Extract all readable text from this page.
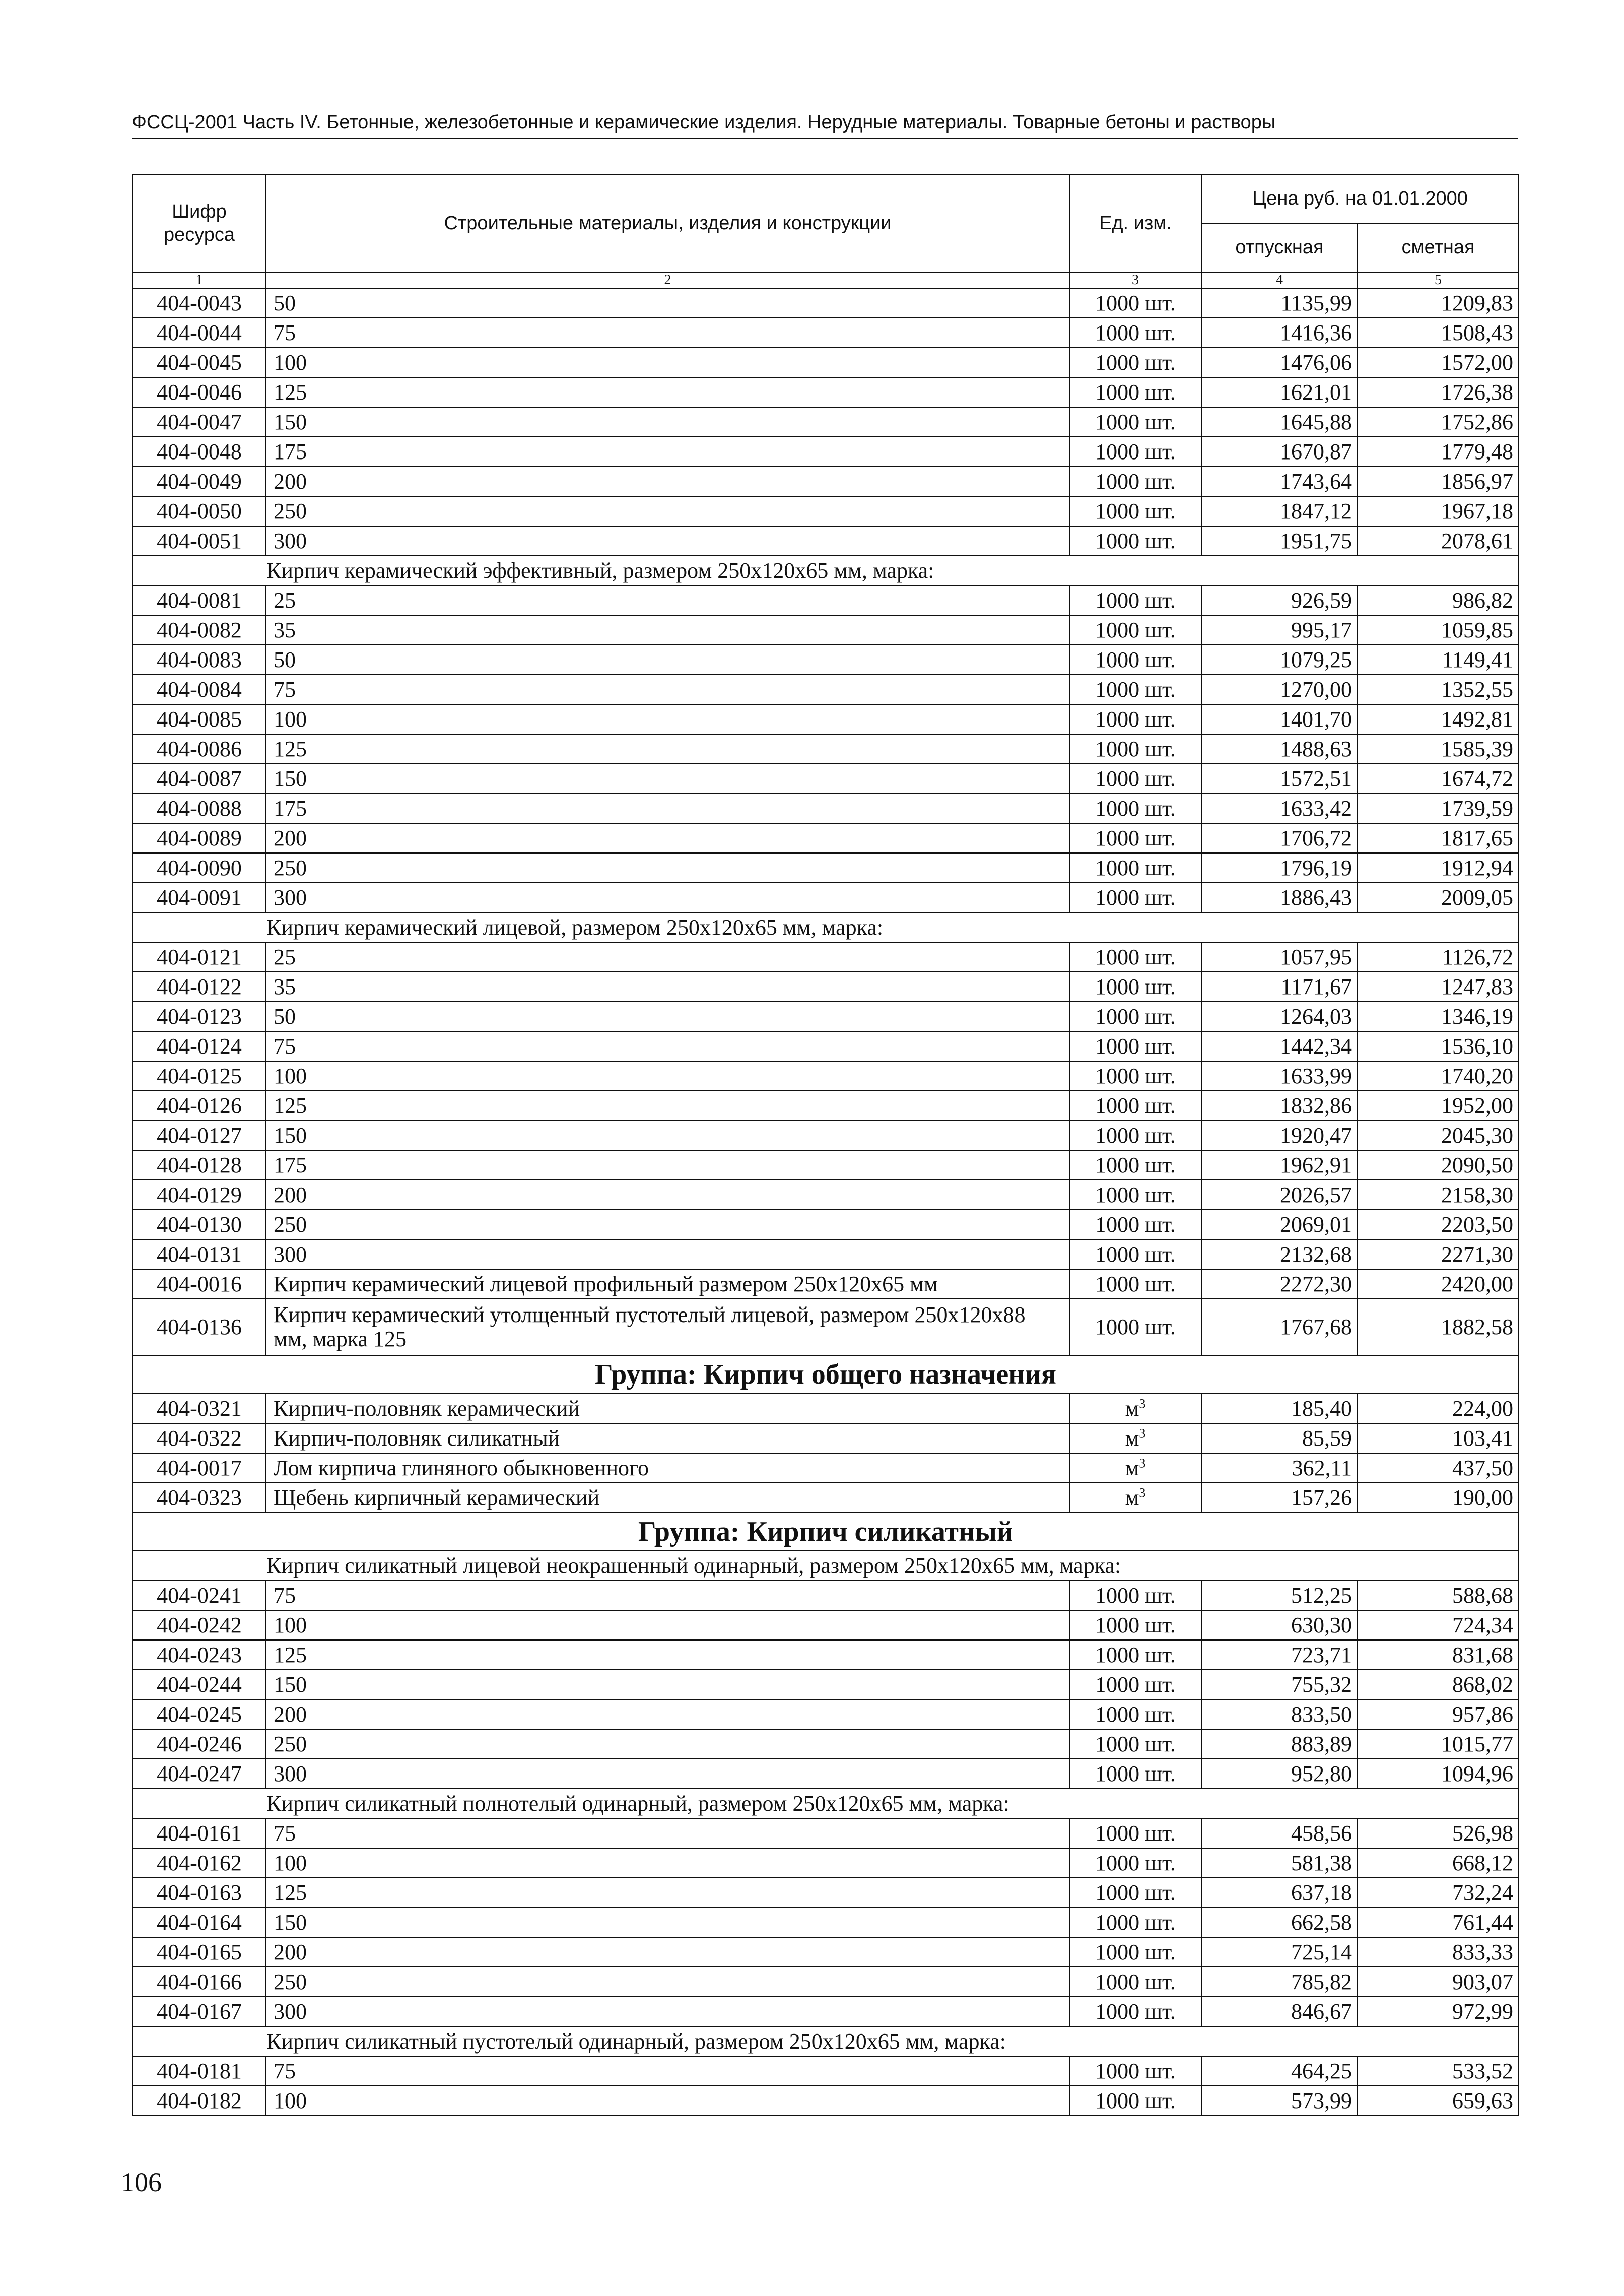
ФССЦ-2001 Часть IV. Бетонные, железобетонные и керамические изделия. Нерудные материалы. Товарные бетоны и растворы
Шифр ресурса	Строительные материалы, изделия и конструкции	Ед. изм.	Цена руб. на 01.01.2000	
			отпускная	сметная
1	2	3	4	5
404-0043	50	1000 шт.	1135,99	1209,83
404-0044	75	1000 шт.	1416,36	1508,43
404-0045	100	1000 шт.	1476,06	1572,00
404-0046	125	1000 шт.	1621,01	1726,38
404-0047	150	1000 шт.	1645,88	1752,86
404-0048	175	1000 шт.	1670,87	1779,48
404-0049	200	1000 шт.	1743,64	1856,97
404-0050	250	1000 шт.	1847,12	1967,18
404-0051	300	1000 шт.	1951,75	2078,61
Кирпич керамический эффективный, размером 250х120х65 мм, марка:				
404-0081	25	1000 шт.	926,59	986,82
404-0082	35	1000 шт.	995,17	1059,85
404-0083	50	1000 шт.	1079,25	1149,41
404-0084	75	1000 шт.	1270,00	1352,55
404-0085	100	1000 шт.	1401,70	1492,81
404-0086	125	1000 шт.	1488,63	1585,39
404-0087	150	1000 шт.	1572,51	1674,72
404-0088	175	1000 шт.	1633,42	1739,59
404-0089	200	1000 шт.	1706,72	1817,65
404-0090	250	1000 шт.	1796,19	1912,94
404-0091	300	1000 шт.	1886,43	2009,05
Кирпич керамический лицевой, размером 250х120х65 мм, марка:				
404-0121	25	1000 шт.	1057,95	1126,72
404-0122	35	1000 шт.	1171,67	1247,83
404-0123	50	1000 шт.	1264,03	1346,19
404-0124	75	1000 шт.	1442,34	1536,10
404-0125	100	1000 шт.	1633,99	1740,20
404-0126	125	1000 шт.	1832,86	1952,00
404-0127	150	1000 шт.	1920,47	2045,30
404-0128	175	1000 шт.	1962,91	2090,50
404-0129	200	1000 шт.	2026,57	2158,30
404-0130	250	1000 шт.	2069,01	2203,50
404-0131	300	1000 шт.	2132,68	2271,30
404-0016	Кирпич керамический лицевой профильный размером 250х120х65 мм	1000 шт.	2272,30	2420,00
404-0136	Кирпич керамический утолщенный пустотелый лицевой, размером 250х120х88 мм, марка 125	1000 шт.	1767,68	1882,58
Группа: Кирпич общего назначения				
404-0321	Кирпич-половняк керамический	$м^3$	185,40	224,00
404-0322	Кирпич-половняк силикатный	$м^3$	85,59	103,41
404-0017	Лом кирпича глиняного обыкновенного	$м^3$	362,11	437,50
404-0323	Щебень кирпичный керамический	$м^3$	157,26	190,00
Группа: Кирпич силикатный				
Кирпич силикатный лицевой неокрашенный одинарный, размером 250х120х65 мм, марка:				
404-0241	75	1000 шт.	512,25	588,68
404-0242	100	1000 шт.	630,30	724,34
404-0243	125	1000 шт.	723,71	831,68
404-0244	150	1000 шт.	755,32	868,02
404-0245	200	1000 шт.	833,50	957,86
404-0246	250	1000 шт.	883,89	1015,77
404-0247	300	1000 шт.	952,80	1094,96
Кирпич силикатный полнотелый одинарный, размером 250х120х65 мм, марка:				
404-0161	75	1000 шт.	458,56	526,98
404-0162	100	1000 шт.	581,38	668,12
404-0163	125	1000 шт.	637,18	732,24
404-0164	150	1000 шт.	662,58	761,44
404-0165	200	1000 шт.	725,14	833,33
404-0166	250	1000 шт.	785,82	903,07
404-0167	300	1000 шт.	846,67	972,99
Кирпич силикатный пустотелый одинарный, размером 250х120х65 мм, марка:				
404-0181	75	1000 шт.	464,25	533,52
404-0182	100	1000 шт.	573,99	659,63
106
